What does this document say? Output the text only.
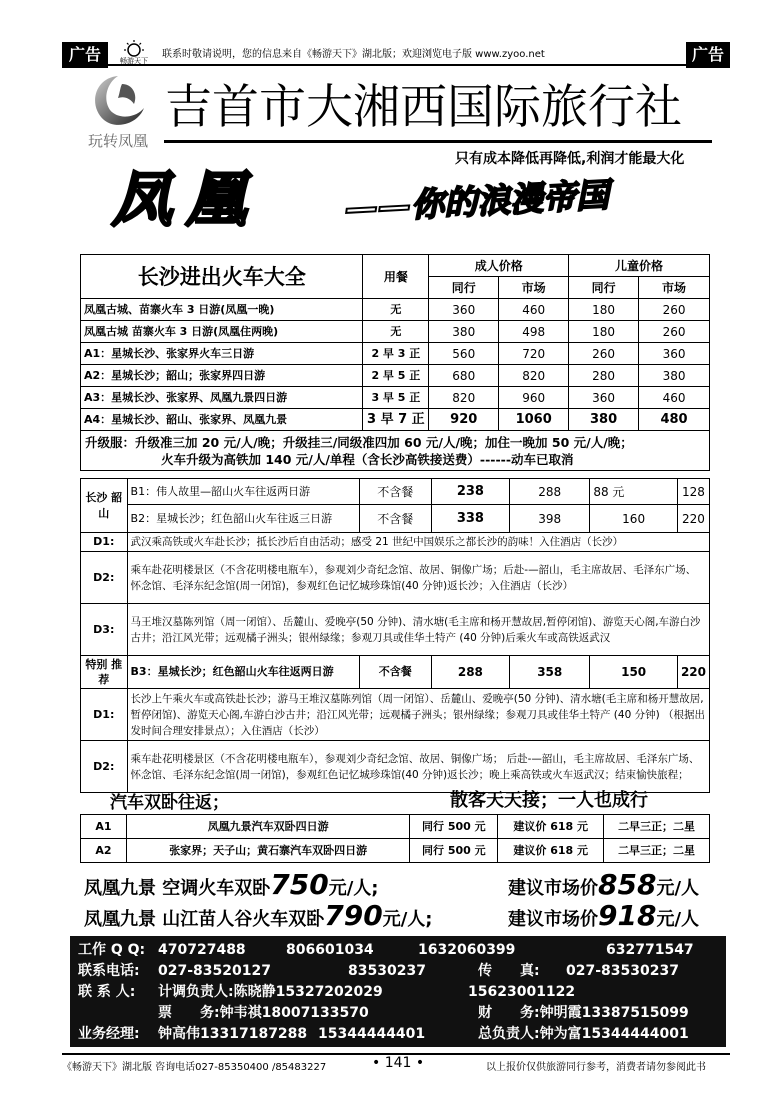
广告	畅游天下
联系时敬请说明，您的信息来自《畅游天下》湖北版；欢迎浏览电子版 www.zyoo.net	广告
玩转凤凰
吉首市大湘西国际旅行社
只有成本降低再降低,利润才能最大化
凤凰	——你的浪漫帝国
长沙进出火车大全	用餐	成人价格		儿童价格	
		同行	市场	同行	市场
凤凰古城、苗寨火车 3 日游(凤凰一晚)	无	360	460	180	260
凤凰古城 苗寨火车 3 日游(凤凰住两晚)	无	380	498	180	260
A1：星城长沙、张家界火车三日游	2 早 3 正	560	720	260	360
A2：星城长沙；韶山；张家界四日游	2 早 5 正	680	820	280	380
A3：星城长沙、张家界、凤凰九景四日游	3 早 5 正	820	960	360	460
A4：星城长沙、韶山、张家界、凤凰九景	3 早 7 正	920	1060	380	480

升级服：升级准三加 20 元/人/晚；升级挂三/同级准四加 60 元/人/晚；加住一晚加 50 元/人/晚；
火车升级为高铁加 140 元/人/单程（含长沙高铁接送费）------动车已取消					
长沙 韶山	B1：伟人故里—韶山火车往返两日游	不含餐	238	288	88 元	128
	B2：星城长沙；红色韶山火车往返三日游	不含餐	338	398	160	220
D1:	武汉乘高铁或火车赴长沙；抵长沙后自由活动；感受 21 世纪中国娱乐之都长沙的韵味！入住酒店（长沙）					
D2:	乘车赴花明楼景区（不含花明楼电瓶车），参观刘少奇纪念馆、故居、铜像广场；后赴-—韶山，毛主席故居、毛泽东广场、怀念馆、毛泽东纪念馆(周一闭馆)，参观红色记忆城珍珠馆(40 分钟)返长沙；入住酒店（长沙）					
D3:	马王堆汉墓陈列馆（周一闭馆）、岳麓山、爱晚亭(50 分钟)、清水塘(毛主席和杨开慧故居,暂停闭馆)、游览天心阁,车游白沙古井；沿江风光带；远观橘子洲头；银州绿缘；参观刀具或佳华土特产 (40 分钟)后乘火车或高铁返武汉					
特别 推荐	B3：星城长沙；红色韶山火车往返两日游	不含餐	288	358	150	220
D1:	长沙上午乘火车或高铁赴长沙；游马王堆汉墓陈列馆（周一闭馆）、岳麓山、爱晚亭(50 分钟)、清水塘(毛主席和杨开慧故居,暂停闭馆)、游览天心阁,车游白沙古井；沿江风光带；远观橘子洲头；银州绿缘；参观刀具或佳华土特产 (40 分钟) （根据出发时间合理安排景点）；入住酒店（长沙）					
D2:	乘车赴花明楼景区（不含花明楼电瓶车），参观刘少奇纪念馆、故居、铜像广场； 后赴-—韶山，毛主席故居、毛泽东广场、怀念馆、毛泽东纪念馆(周一闭馆)，参观红色记忆城珍珠馆(40 分钟)返长沙；晚上乘高铁或火车返武汉；结束愉快旅程；					
汽车双卧往返；	散客天天接；一人也成行
A1	凤凰九景汽车双卧四日游	同行 500 元	建议价 618 元	二早三正；二星
A2	张家界；天子山；黄石寨汽车双卧四日游	同行 500 元	建议价 618 元	二早三正；二星
凤凰九景 空调火车双卧750元/人;	建议市场价858元/人
凤凰九景 山江苗人谷火车双卧790元/人;	建议市场价918元/人
工作 Q Q: 470727488	806601034	1632060399	632771547
联系电话: 027-83520127	83530237	传　　真: 027-83530237
联 系 人: 计调负责人:陈晓静15327202029	15623001122
票　　务:钟韦祺18007133570	财　　务:钟明霞13387515099
业务经理: 钟高伟13317187288 15344444401	总负责人:钟为富15344444001
《畅游天下》湖北版 咨询电话027-85350400 /85483227	• 141 •	以上报价仅供旅游同行参考，消费者请勿参阅此书
